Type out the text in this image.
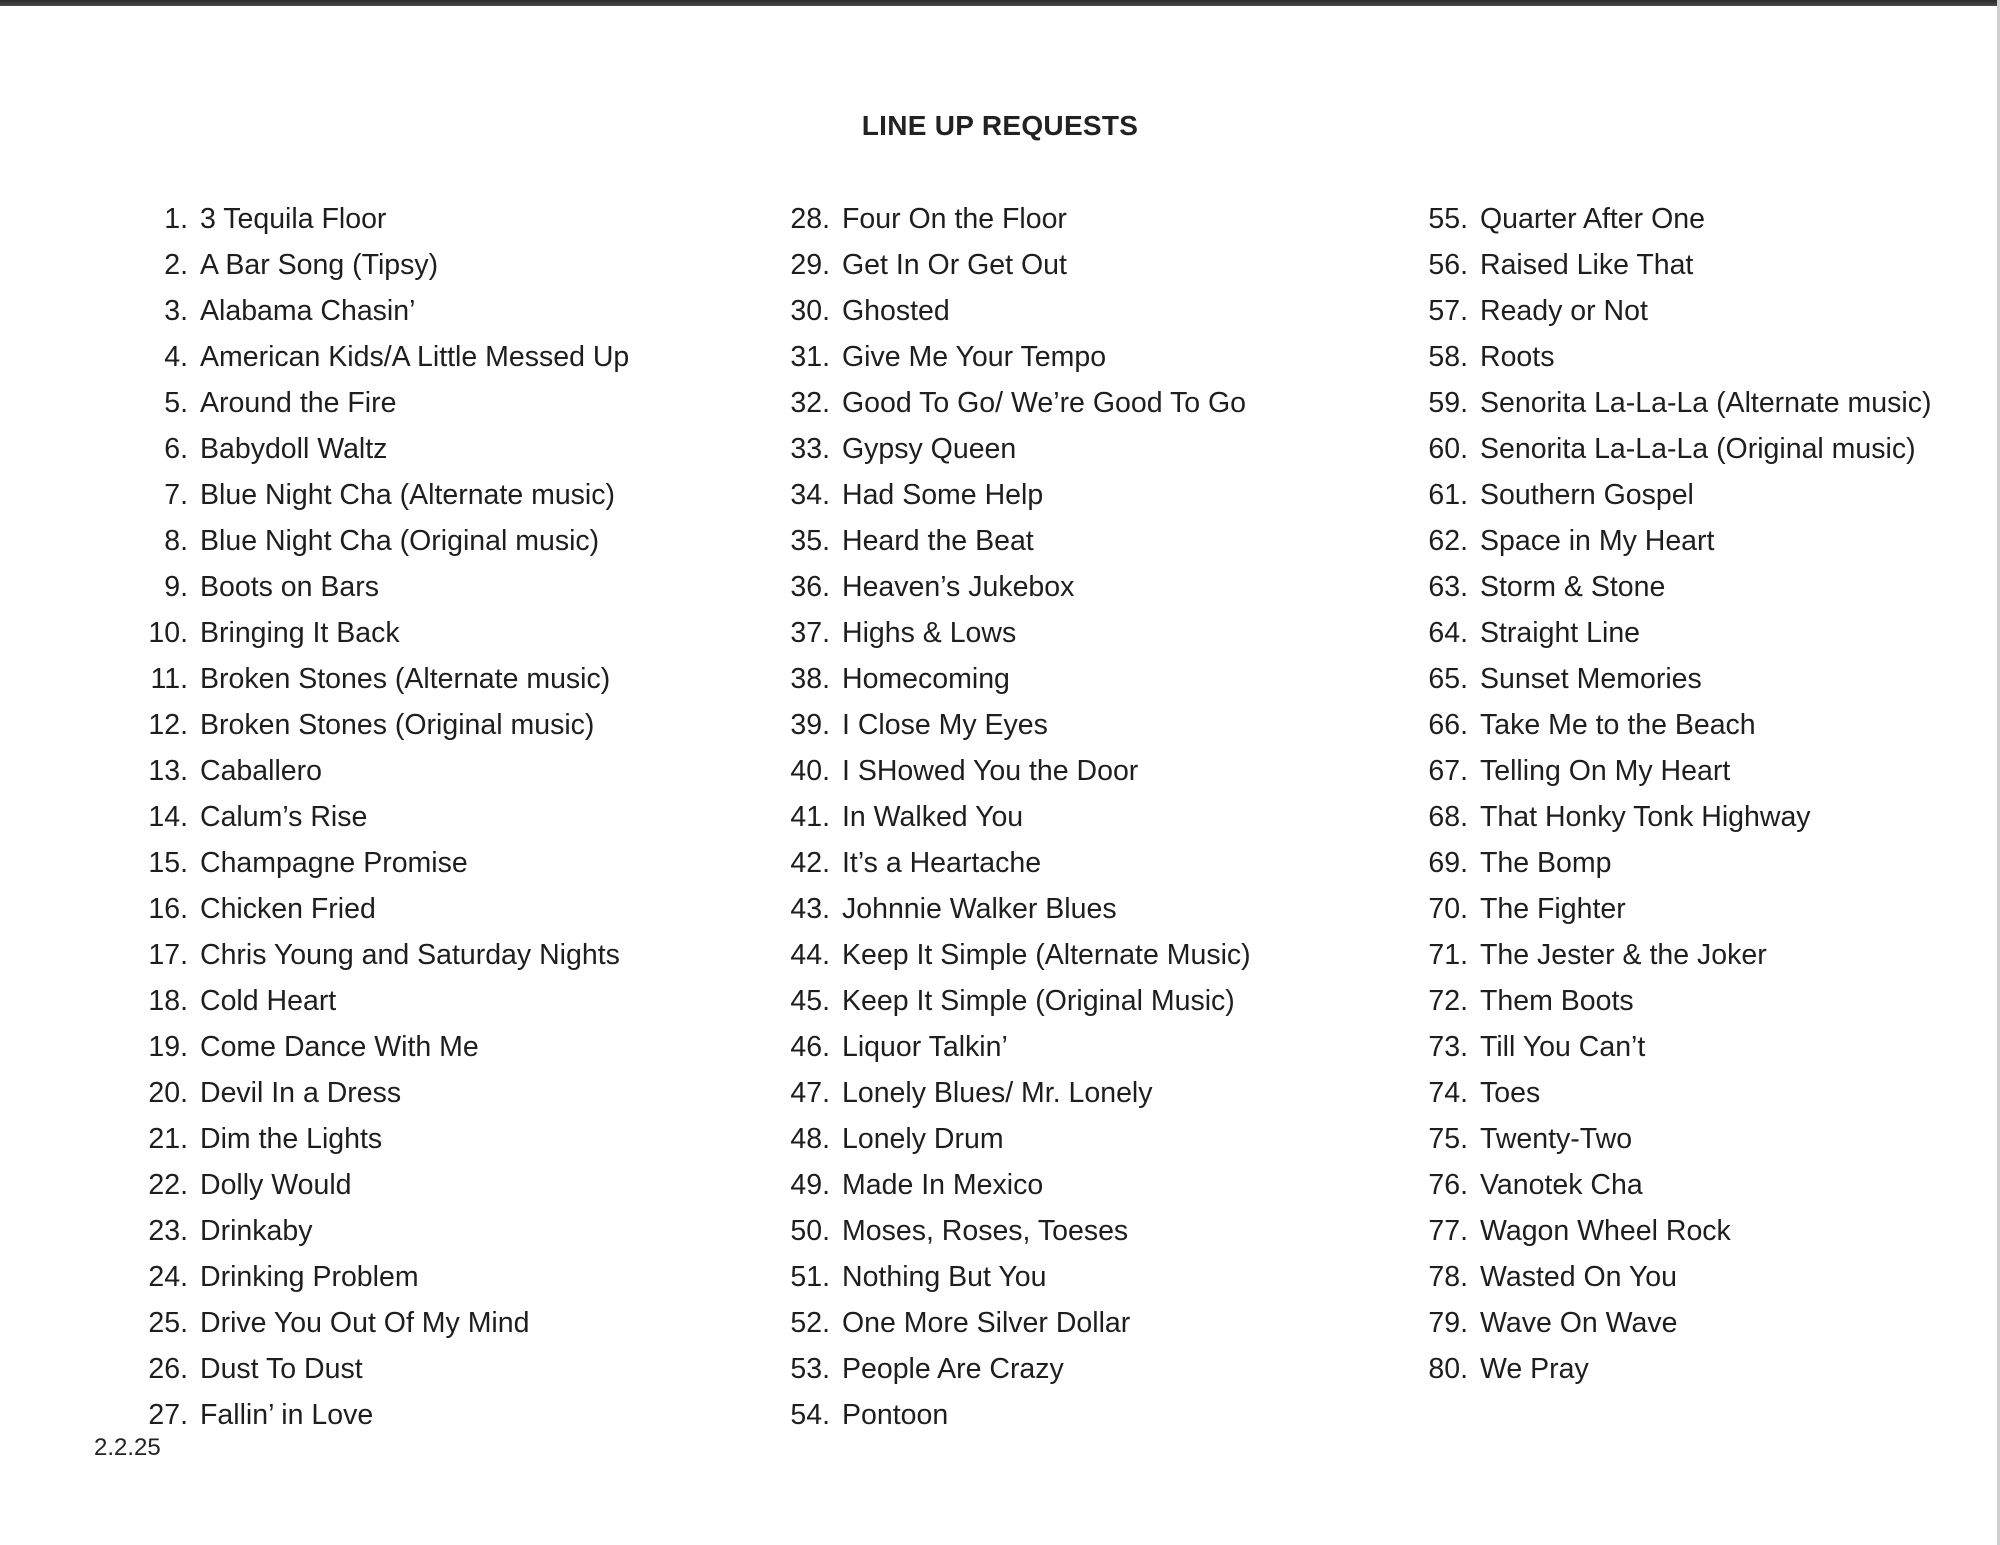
LINE UP REQUESTS
1. 3 Tequila Floor
2. A Bar Song (Tipsy)
3. Alabama Chasin’
4. American Kids/A Little Messed Up
5. Around the Fire
6. Babydoll Waltz
7. Blue Night Cha (Alternate music)
8. Blue Night Cha (Original music)
9. Boots on Bars
10. Bringing It Back
11. Broken Stones (Alternate music)
12. Broken Stones (Original music)
13. Caballero
14. Calum’s Rise
15. Champagne Promise
16. Chicken Fried
17. Chris Young and Saturday Nights
18. Cold Heart
19. Come Dance With Me
20. Devil In a Dress
21. Dim the Lights
22. Dolly Would
23. Drinkaby
24. Drinking Problem
25. Drive You Out Of My Mind
26. Dust To Dust
27. Fallin’ in Love
28. Four On the Floor
29. Get In Or Get Out
30. Ghosted
31. Give Me Your Tempo
32. Good To Go/ We’re Good To Go
33. Gypsy Queen
34. Had Some Help
35. Heard the Beat
36. Heaven’s Jukebox
37. Highs & Lows
38. Homecoming
39. I Close My Eyes
40. I SHowed You the Door
41. In Walked You
42. It’s a Heartache
43. Johnnie Walker Blues
44. Keep It Simple (Alternate Music)
45. Keep It Simple (Original Music)
46. Liquor Talkin’
47. Lonely Blues/ Mr. Lonely
48. Lonely Drum
49. Made In Mexico
50. Moses, Roses, Toeses
51. Nothing But You
52. One More Silver Dollar
53. People Are Crazy
54. Pontoon
55. Quarter After One
56. Raised Like That
57. Ready or Not
58. Roots
59. Senorita La-La-La (Alternate music)
60. Senorita La-La-La (Original music)
61. Southern Gospel
62. Space in My Heart
63. Storm & Stone
64. Straight Line
65. Sunset Memories
66. Take Me to the Beach
67. Telling On My Heart
68. That Honky Tonk Highway
69. The Bomp
70. The Fighter
71. The Jester & the Joker
72. Them Boots
73. Till You Can’t
74. Toes
75. Twenty-Two
76. Vanotek Cha
77. Wagon Wheel Rock
78. Wasted On You
79. Wave On Wave
80. We Pray
2.2.25
